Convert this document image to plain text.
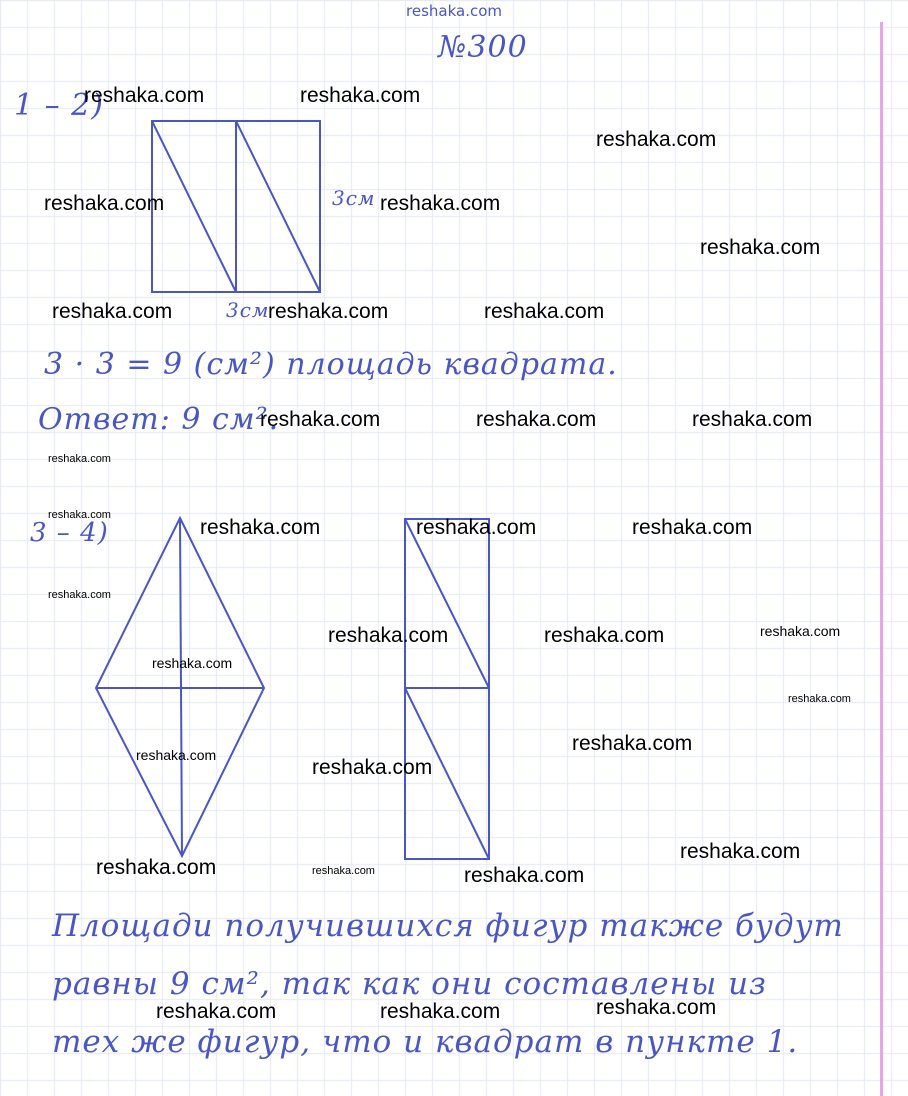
reshaka.com
№300
1 – 2)
3см
3см
3 · 3 = 9 (см²) площадь квадрата.
Ответ: 9 см².
3 – 4)
Площади получившихся фигур также будут
равны 9 см², так как они составлены из
тех же фигур, что и квадрат в пункте 1.
reshaka.com	reshaka.com
reshaka.com
reshaka.com	reshaka.com
reshaka.com
reshaka.com	reshaka.com	reshaka.com
reshaka.com	reshaka.com	reshaka.com
reshaka.com
reshaka.com
reshaka.com	reshaka.com	reshaka.com
reshaka.com
reshaka.com	reshaka.com	reshaka.com
reshaka.com
reshaka.com
reshaka.com
reshaka.com
reshaka.com
reshaka.com
reshaka.com	reshaka.com	reshaka.com
reshaka.com
reshaka.com	reshaka.com
